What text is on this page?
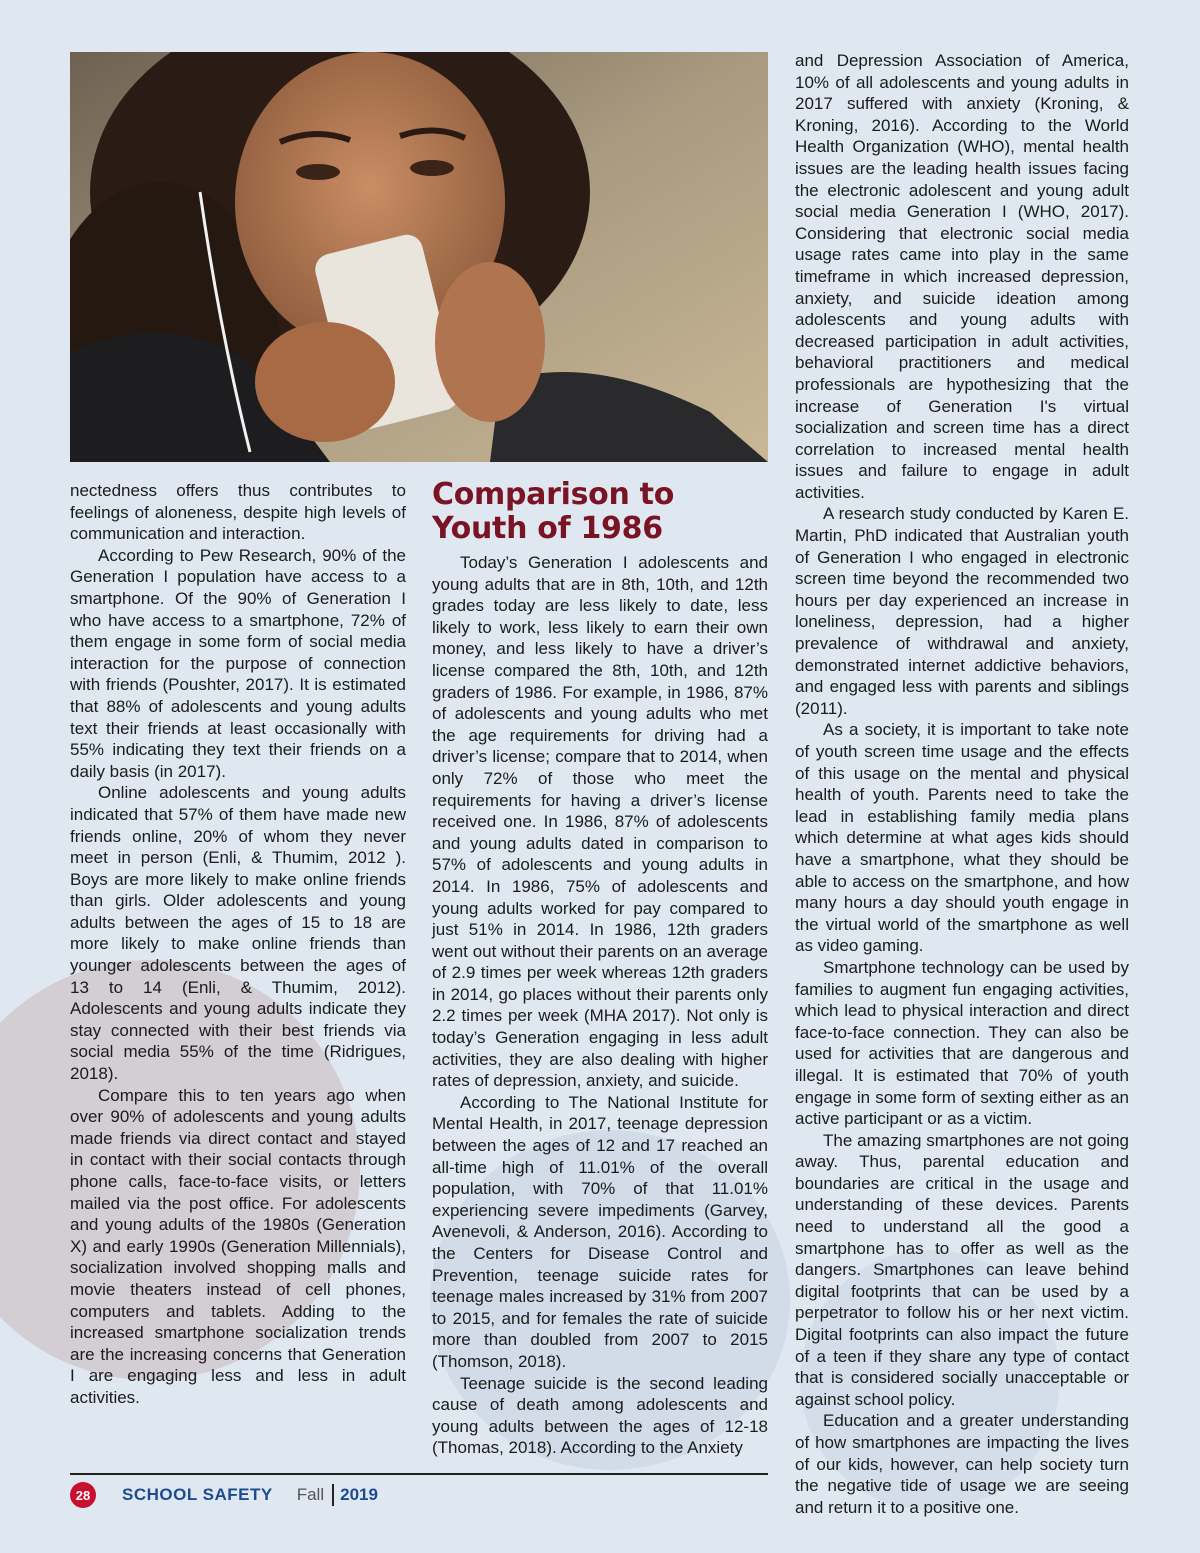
nectedness offers thus contributes to feelings of aloneness, despite high levels of communication and interaction.

According to Pew Research, 90% of the Generation I population have access to a smartphone. Of the 90% of Generation I who have access to a smartphone, 72% of them engage in some form of social media interaction for the purpose of connection with friends (Poushter, 2017). It is estimated that 88% of adolescents and young adults text their friends at least occasionally with 55% indicating they text their friends on a daily basis (in 2017).

Online adolescents and young adults indicated that 57% of them have made new friends online, 20% of whom they never meet in person (Enli, & Thumim, 2012 ). Boys are more likely to make online friends than girls. Older adolescents and young adults between the ages of 15 to 18 are more likely to make online friends than younger adolescents between the ages of 13 to 14 (Enli, & Thumim, 2012). Adolescents and young adults indicate they stay connected with their best friends via social media 55% of the time (Ridrigues, 2018).

Compare this to ten years ago when over 90% of adolescents and young adults made friends via direct contact and stayed in contact with their social contacts through phone calls, face-to-face visits, or letters mailed via the post office. For adolescents and young adults of the 1980s (Generation X) and early 1990s (Generation Millennials), socialization involved shopping malls and movie theaters instead of cell phones, computers and tablets. Adding to the increased smartphone socialization trends are the increasing concerns that Generation I are engaging less and less in adult activities.

Comparison to Youth of 1986

Today’s Generation I adolescents and young adults that are in 8th, 10th, and 12th grades today are less likely to date, less likely to work, less likely to earn their own money, and less likely to have a driver’s license compared the 8th, 10th, and 12th graders of 1986. For example, in 1986, 87% of adolescents and young adults who met the age requirements for driving had a driver’s license; compare that to 2014, when only 72% of those who meet the requirements for having a driver’s license received one. In 1986, 87% of adolescents and young adults dated in comparison to 57% of adolescents and young adults in 2014. In 1986, 75% of adolescents and young adults worked for pay compared to just 51% in 2014. In 1986, 12th graders went out without their parents on an average of 2.9 times per week whereas 12th graders in 2014, go places without their parents only 2.2 times per week (MHA 2017). Not only is today’s Generation engaging in less adult activities, they are also dealing with higher rates of depression, anxiety, and suicide.

According to The National Institute for Mental Health, in 2017, teenage depression between the ages of 12 and 17 reached an all-time high of 11.01% of the overall population, with 70% of that 11.01% experiencing severe impediments (Garvey, Avenevoli, & Anderson, 2016). According to the Centers for Disease Control and Prevention, teenage suicide rates for teenage males increased by 31% from 2007 to 2015, and for females the rate of suicide more than doubled from 2007 to 2015 (Thomson, 2018).

Teenage suicide is the second leading cause of death among adolescents and young adults between the ages of 12-18 (Thomas, 2018). According to the Anxiety

and Depression Association of America, 10% of all adolescents and young adults in 2017 suffered with anxiety (Kroning, & Kroning, 2016). According to the World Health Organization (WHO), mental health issues are the leading health issues facing the electronic adolescent and young adult social media Generation I (WHO, 2017). Considering that electronic social media usage rates came into play in the same timeframe in which increased depression, anxiety, and suicide ideation among adolescents and young adults with decreased participation in adult activities, behavioral practitioners and medical professionals are hypothesizing that the increase of Generation I's virtual socialization and screen time has a direct correlation to increased mental health issues and failure to engage in adult activities.

A research study conducted by Karen E. Martin, PhD indicated that Australian youth of Generation I who engaged in electronic screen time beyond the recommended two hours per day experienced an increase in loneliness, depression, had a higher prevalence of withdrawal and anxiety, demonstrated internet addictive behaviors, and engaged less with parents and siblings (2011).

As a society, it is important to take note of youth screen time usage and the effects of this usage on the mental and physical health of youth. Parents need to take the lead in establishing family media plans which determine at what ages kids should have a smartphone, what they should be able to access on the smartphone, and how many hours a day should youth engage in the virtual world of the smartphone as well as video gaming.

Smartphone technology can be used by families to augment fun engaging activities, which lead to physical interaction and direct face-to-face connection. They can also be used for activities that are dangerous and illegal. It is estimated that 70% of youth engage in some form of sexting either as an active participant or as a victim.

The amazing smartphones are not going away. Thus, parental education and boundaries are critical in the usage and understanding of these devices. Parents need to understand all the good a smartphone has to offer as well as the dangers. Smartphones can leave behind digital footprints that can be used by a perpetrator to follow his or her next victim. Digital footprints can also impact the future of a teen if they share any type of contact that is considered socially unacceptable or against school policy.

Education and a greater understanding of how smartphones are impacting the lives of our kids, however, can help society turn the negative tide of usage we are seeing and return it to a positive one.

28	SCHOOL SAFETY Fall 2019
